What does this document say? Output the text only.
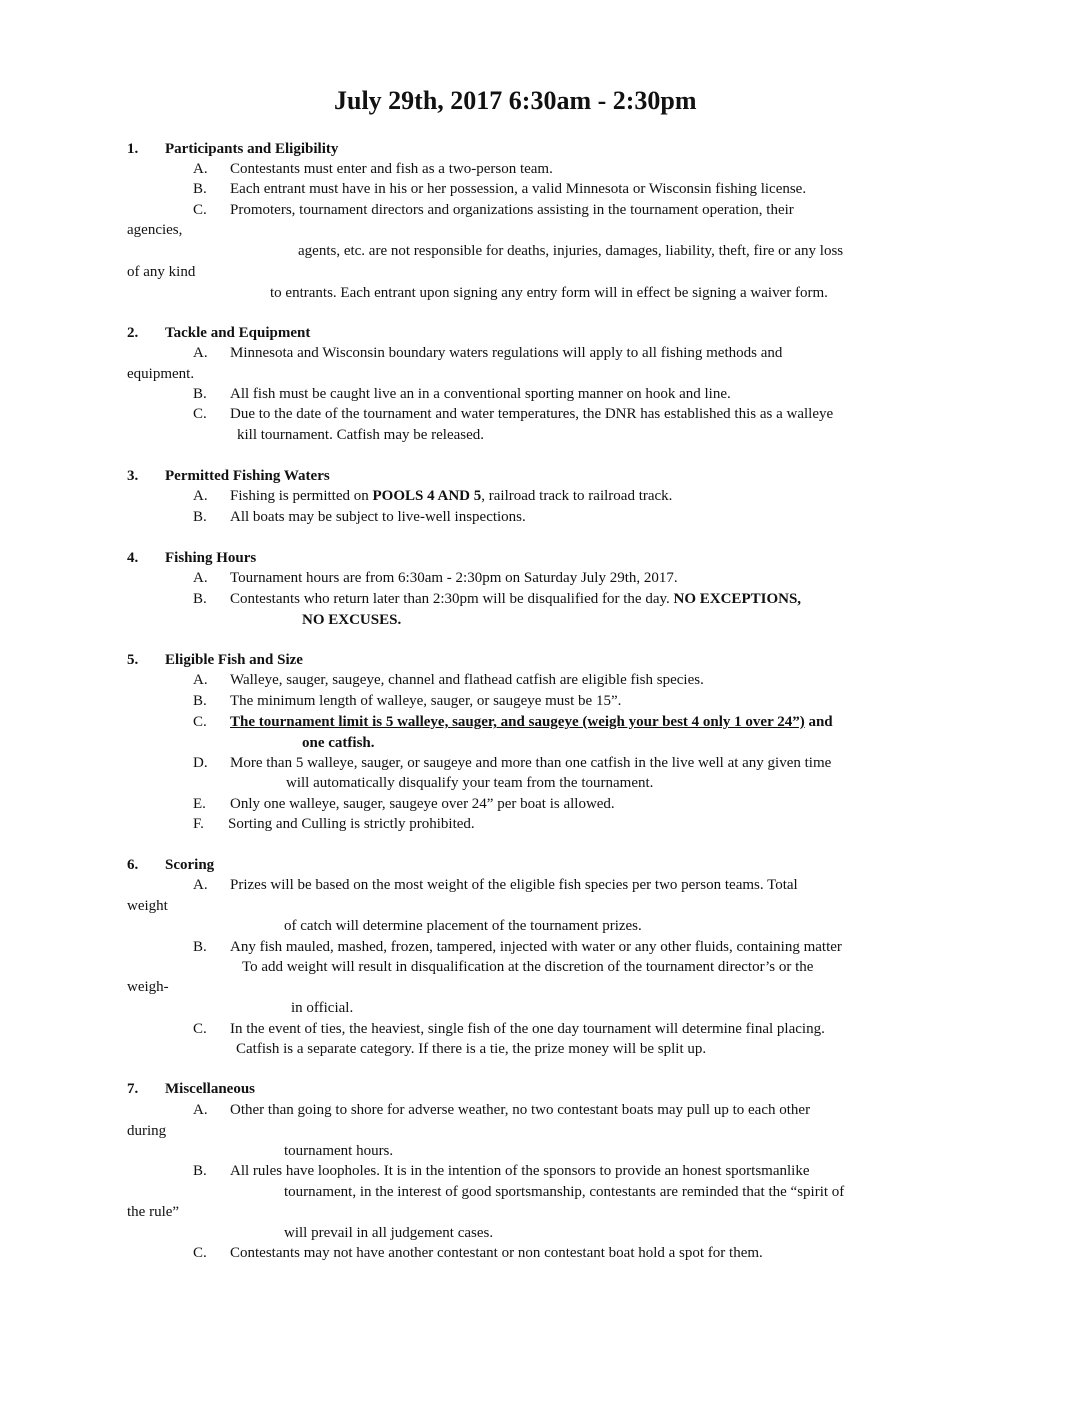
July 29th, 2017 6:30am - 2:30pm
1. Participants and Eligibility
A. Contestants must enter and fish as a two-person team.
B. Each entrant must have in his or her possession, a valid Minnesota or Wisconsin fishing license.
C. Promoters, tournament directors and organizations assisting in the tournament operation, their
agencies,
agents, etc. are not responsible for deaths, injuries, damages, liability, theft, fire or any loss
of any kind
to entrants. Each entrant upon signing any entry form will in effect be signing a waiver form.
2. Tackle and Equipment
A. Minnesota and Wisconsin boundary waters regulations will apply to all fishing methods and
equipment.
B. All fish must be caught live an in a conventional sporting manner on hook and line.
C. Due to the date of the tournament and water temperatures, the DNR has established this as a walleye
kill tournament. Catfish may be released.
3. Permitted Fishing Waters
A. Fishing is permitted on POOLS 4 AND 5, railroad track to railroad track.
B. All boats may be subject to live-well inspections.
4. Fishing Hours
A. Tournament hours are from 6:30am - 2:30pm on Saturday July 29th, 2017.
B. Contestants who return later than 2:30pm will be disqualified for the day. NO EXCEPTIONS,
NO EXCUSES.
5. Eligible Fish and Size
A. Walleye, sauger, saugeye, channel and flathead catfish are eligible fish species.
B. The minimum length of walleye, sauger, or saugeye must be 15”.
C. The tournament limit is 5 walleye, sauger, and saugeye (weigh your best 4 only 1 over 24”) and
one catfish.
D. More than 5 walleye, sauger, or saugeye and more than one catfish in the live well at any given time
will automatically disqualify your team from the tournament.
E. Only one walleye, sauger, saugeye over 24” per boat is allowed.
F. Sorting and Culling is strictly prohibited.
6. Scoring
A. Prizes will be based on the most weight of the eligible fish species per two person teams. Total
weight
of catch will determine placement of the tournament prizes.
B. Any fish mauled, mashed, frozen, tampered, injected with water or any other fluids, containing matter
To add weight will result in disqualification at the discretion of the tournament director’s or the
weigh-
in official.
C. In the event of ties, the heaviest, single fish of the one day tournament will determine final placing.
Catfish is a separate category. If there is a tie, the prize money will be split up.
7. Miscellaneous
A. Other than going to shore for adverse weather, no two contestant boats may pull up to each other
during
tournament hours.
B. All rules have loopholes. It is in the intention of the sponsors to provide an honest sportsmanlike
tournament, in the interest of good sportsmanship, contestants are reminded that the “spirit of
the rule”
will prevail in all judgement cases.
C. Contestants may not have another contestant or non contestant boat hold a spot for them.
